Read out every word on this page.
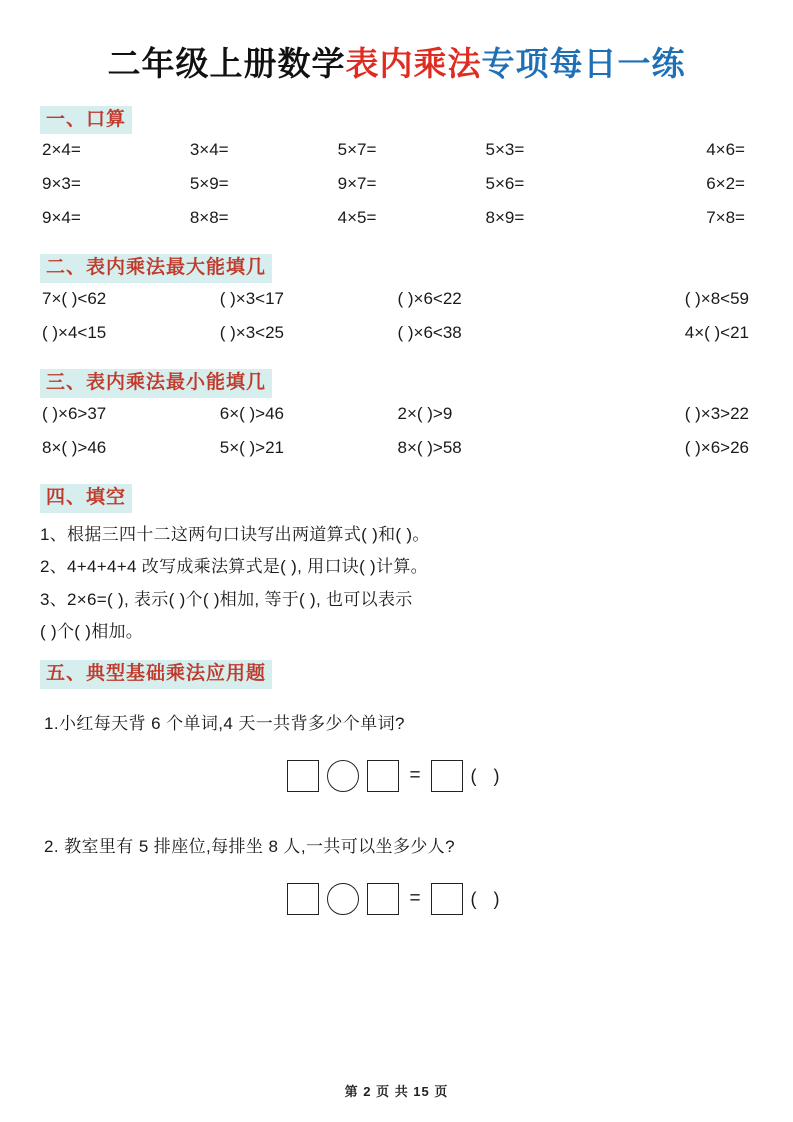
二年级上册数学表内乘法专项每日一练
一、口算
2×4=	3×4=	5×7=	5×3=	4×6=
9×3=	5×9=	9×7=	5×6=	6×2=
9×4=	8×8=	4×5=	8×9=	7×8=
二、表内乘法最大能填几
7×( )<62	( )×3<17	( )×6<22	( )×8<59
( )×4<15	( )×3<25	( )×6<38	4×( )<21
三、表内乘法最小能填几
( )×6>37	6×( )>46	2×( )>9	( )×3>22
8×( )>46	5×( )>21	8×( )>58	( )×6>26
四、填空

1、根据三四十二这两句口诀写出两道算式( )和( )。

2、4+4+4+4 改写成乘法算式是( ), 用口诀( )计算。

3、2×6=( ), 表示( )个( )相加, 等于( ), 也可以表示

( )个( )相加。

五、典型基础乘法应用题

1.小红每天背 6 个单词,4 天一共背多少个单词?

=	( )

2. 教室里有 5 排座位,每排坐 8 人,一共可以坐多少人?

=	( )
第 2 页 共 15 页
